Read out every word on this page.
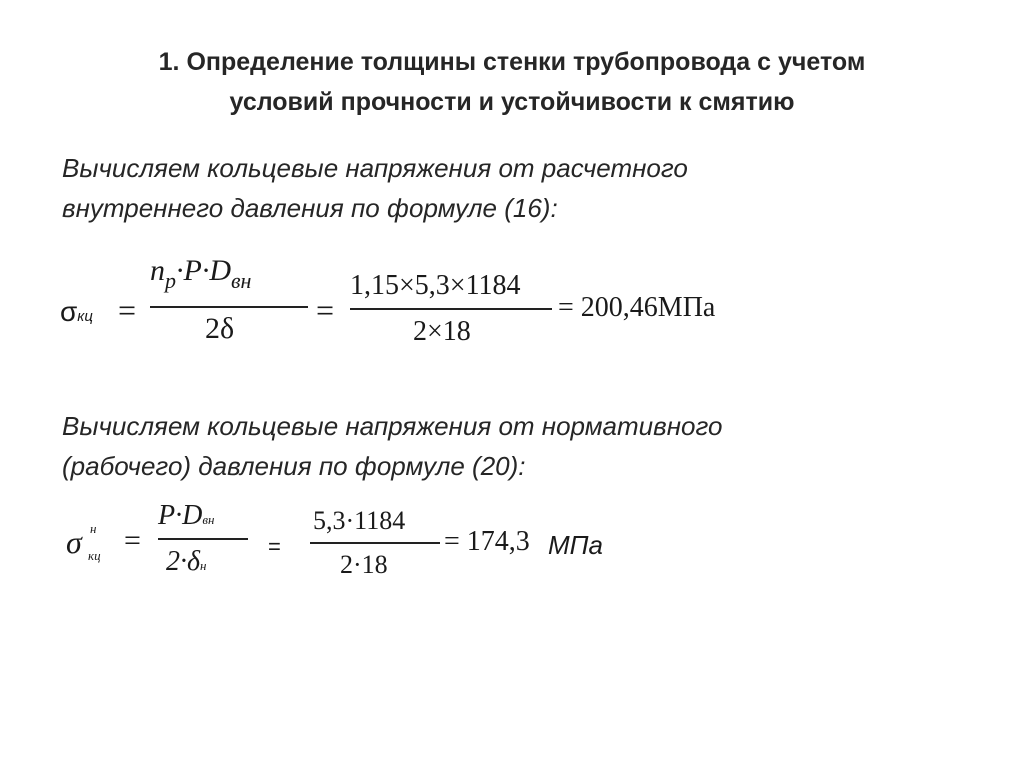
1. Определение толщины стенки трубопровода с учетом
условий прочности и устойчивости к смятию
Вычисляем кольцевые напряжения от расчетного
внутреннего давления по формуле (16):
σкц =
$n_p\cdot P\cdot D_{вн}$
2δ
=
1,15×5,3×1184
2×18
= 200,46МПа
Вычисляем кольцевые напряжения от нормативного
(рабочего) давления по формуле (20):
σ н
кц =
P·Dвн
2·δн
=
5,3·1184
2·18
= 174,3 МПа
